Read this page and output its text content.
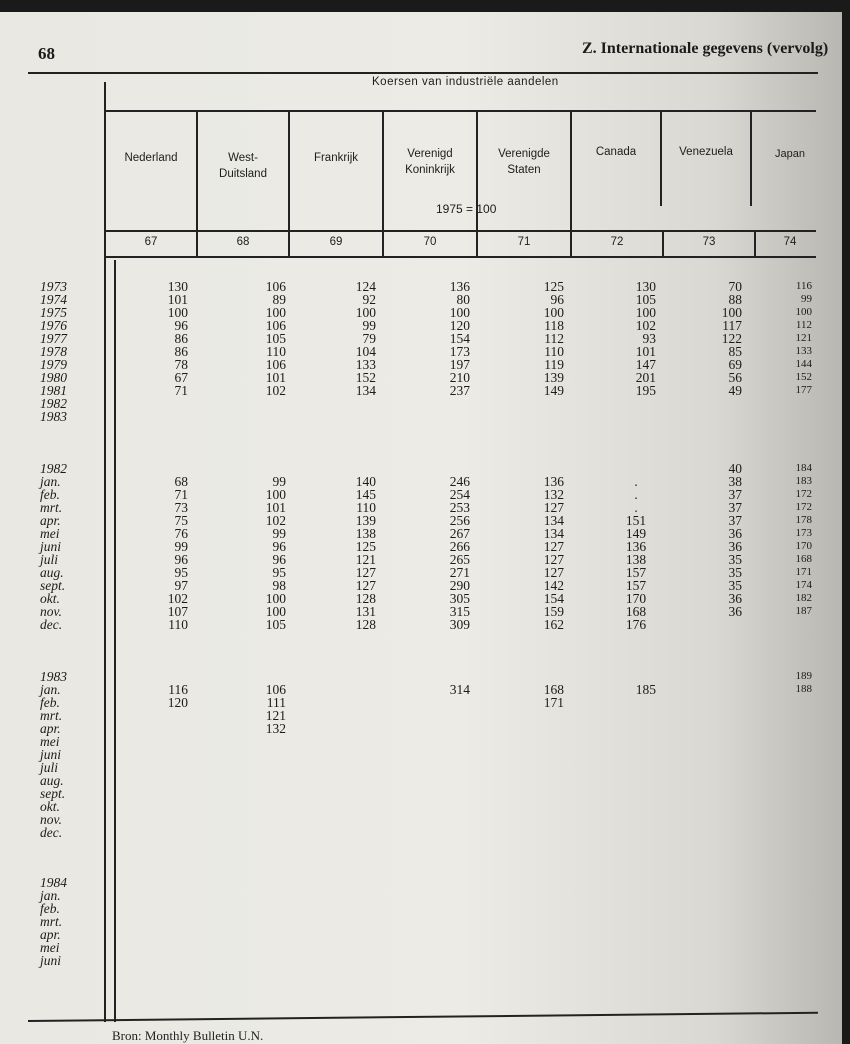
68	Z. Internationale gegevens (vervolg)
Koersen van industriële aandelen
1975 = 100
Nederland
67
West-
Duitsland
68
Frankrijk
69
Verenigd
Koninkrijk
70
Verenigde
Staten
71
Canada
72
Venezuela
73
Japan
74
1973
1974
1975
1976
1977
1978
1979
1980
1981
1982
1983
130
101
100
96
86
86
78
67
71
106
89
100
106
105
110
106
101
102
124
92
100
99
79
104
133
152
134
136
80
100
120
154
173
197
210
237
125
96
100
118
112
110
119
139
149
130
105
100
102
93
101
147
201
195
70
88
100
117
122
85
69
56
49
116
99
100
112
121
133
144
152
177
1982
jan.
feb.
mrt.
apr.
mei
juni
juli
aug.
sept.
okt.
nov.
dec.
68
71
73
75
76
99
96
95
97
102
107
110
99
100
101
102
99
96
96
95
98
100
100
105
140
145
110
139
138
125
121
127
127
128
131
128
246
254
253
256
267
266
265
271
290
305
315
309
136
132
127
134
134
127
127
127
142
154
159
162
.
.
.
151
149
136
138
157
157
170
168
176
40
38
37
37
37
36
36
35
35
35
36
36
184
183
172
172
178
173
170
168
171
174
182
187
1983
jan.
feb.
mrt.
apr.
mei
juni
juli
aug.
sept.
okt.
nov.
dec.
116
120
106
111
121
132
314	168
171
185
189
188
1984
jan.
feb.
mrt.
apr.
mei
juni
Bron: Monthly Bulletin U.N.
